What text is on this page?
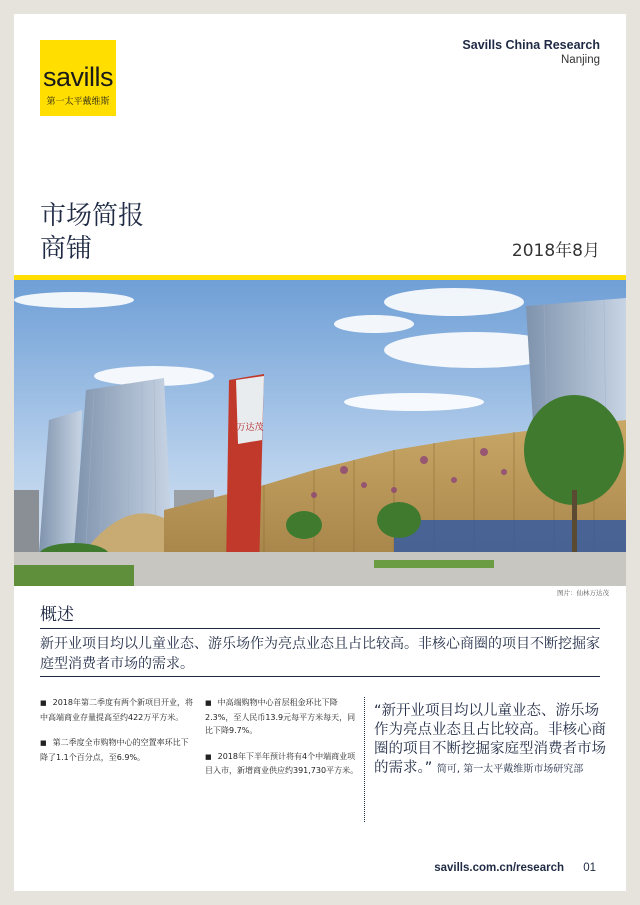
savills
第一太平戴维斯
Savills China Research
Nanjing
市场简报
商铺	2018年8月
万达茂
图片：仙林万达茂
概述
新开业项目均以儿童业态、游乐场作为亮点业态且占比较高。非核心商圈的项目不断挖掘家庭型消费者市场的需求。

■ 2018年第二季度有两个新项目开业，将中高端商业存量提高至约422万平方米。

■ 第二季度全市购物中心的空置率环比下降了1.1个百分点，至6.9%。

■ 中高端购物中心首层租金环比下降2.3%，至人民币13.9元每平方米每天，同比下降9.7%。

■ 2018年下半年预计将有4个中端商业项目入市，新增商业供应约391,730平方米。

“新开业项目均以儿童业态、游乐场作为亮点业态且占比较高。非核心商圈的项目不断挖掘家庭型消费者市场的需求。” 简可, 第一太平戴维斯市场研究部
savills.com.cn/research 01
